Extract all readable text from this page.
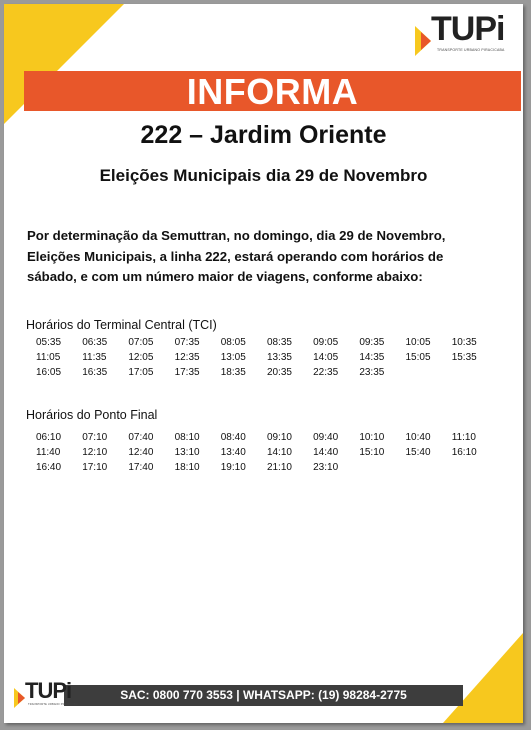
TUPi
TRANSPORTE URBANO PIRACICABA
INFORMA
222 – Jardim Oriente
Eleições Municipais dia 29 de Novembro

Por determinação da Semuttran, no domingo, dia 29 de Novembro,

Eleições Municipais, a linha 222, estará operando com horários de

sábado, e com um número maior de viagens, conforme abaixo:

Horários do Terminal Central (TCI)
05:35	06:35	07:05	07:35	08:05	08:35	09:05	09:35	10:05	10:35
11:05	11:35	12:05	12:35	13:05	13:35	14:05	14:35	15:05	15:35
16:05	16:35	17:05	17:35	18:35	20:35	22:35	23:35
Horários do Ponto Final
06:10	07:10	07:40	08:10	08:40	09:10	09:40	10:10	10:40	11:10
11:40	12:10	12:40	13:10	13:40	14:10	14:40	15:10	15:40	16:10
16:40	17:10	17:40	18:10	19:10	21:10	23:10
SAC: 0800 770 3553 | WHATSAPP: (19) 98284-2775
TUPi
TRANSPORTE URBANO PIRACICABA
